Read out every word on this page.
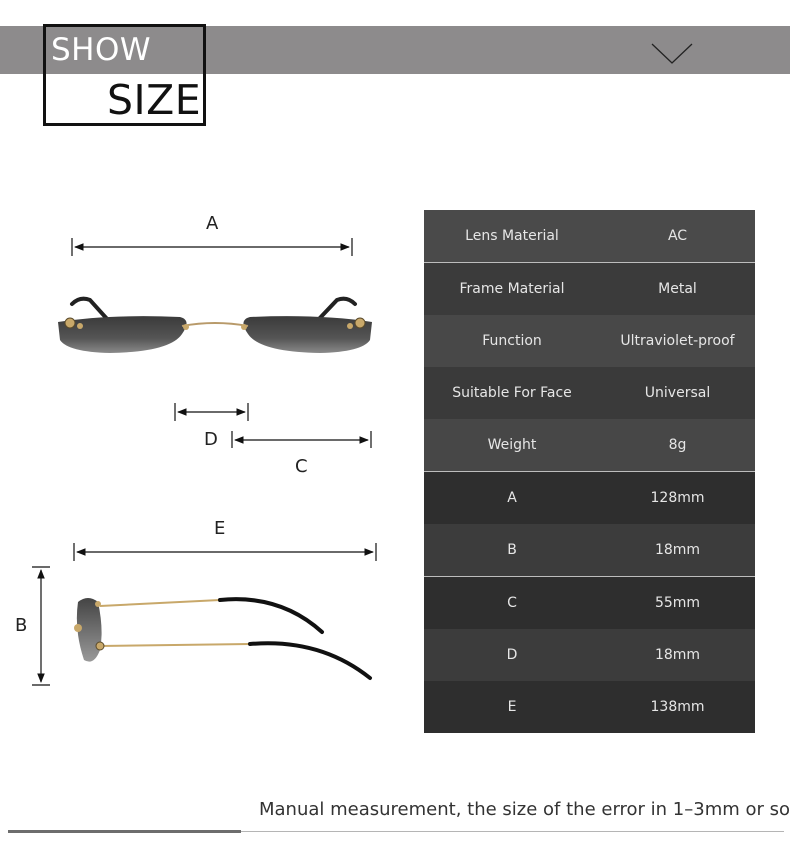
SHOW
SIZE
A
D
C
E
B
Lens Material	AC
Frame Material	Metal
Function	Ultraviolet-proof
Suitable For Face	Universal
Weight	8g
A	128mm
B	18mm
C	55mm
D	18mm
E	138mm
Manual measurement, the size of the error in 1–3mm or so
